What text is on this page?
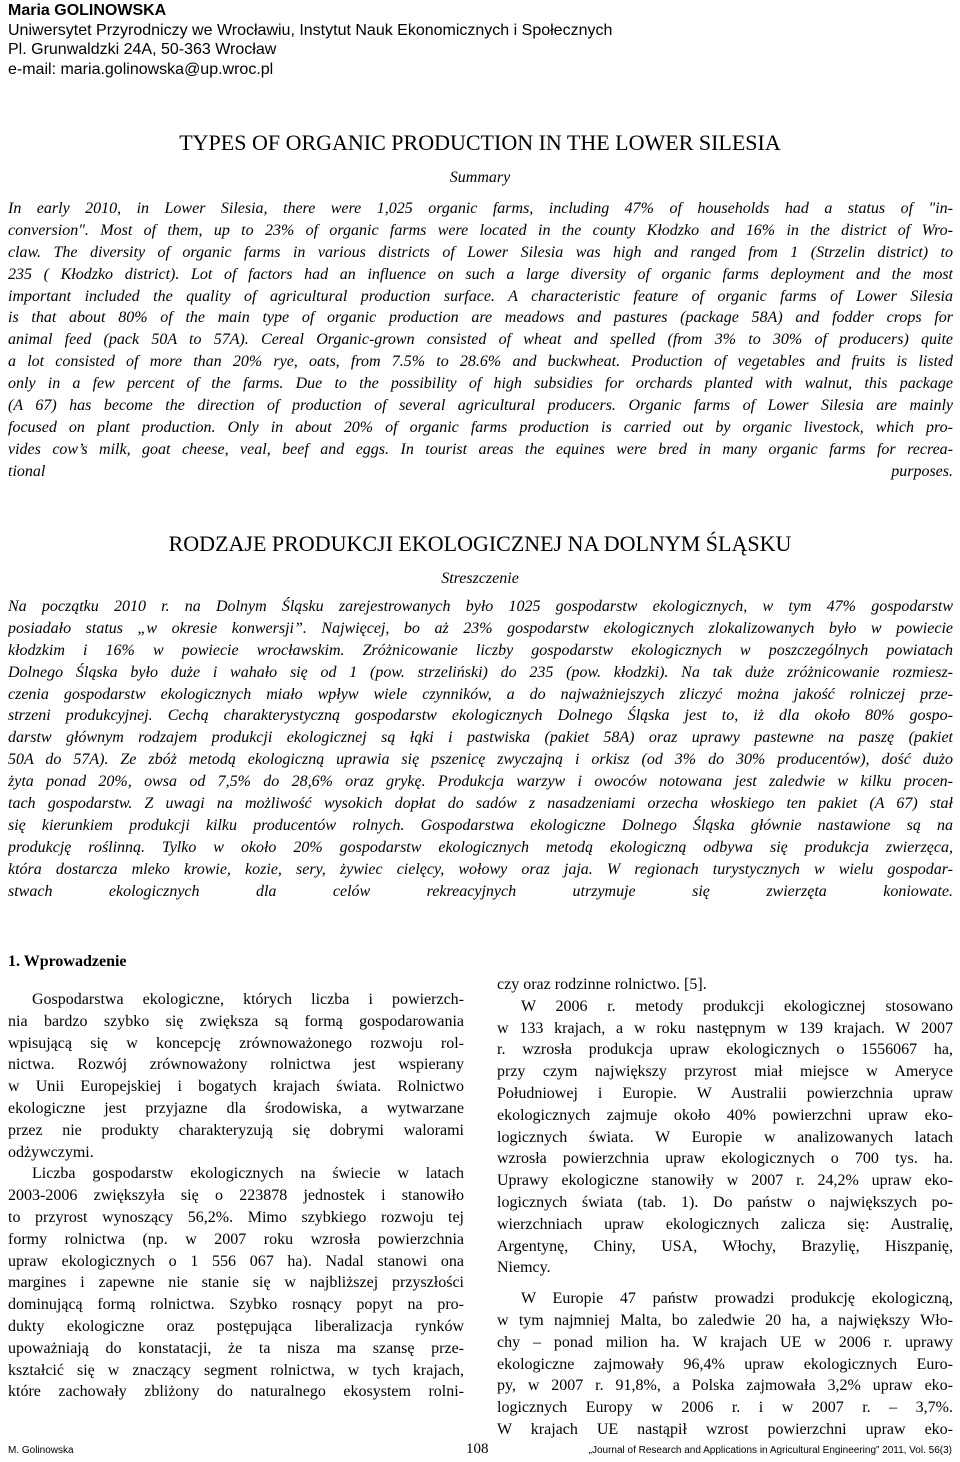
Maria GOLINOWSKA
Uniwersytet Przyrodniczy we Wrocławiu, Instytut Nauk Ekonomicznych i Społecznych
Pl. Grunwaldzki 24A, 50-363 Wrocław
e-mail: maria.golinowska@up.wroc.pl
TYPES OF ORGANIC PRODUCTION IN THE LOWER SILESIA
Summary
In early 2010, in Lower Silesia, there were 1,025 organic farms, including 47% of households had a status of "in-
conversion". Most of them, up to 23% of organic farms were located in the county Kłodzko and 16% in the district of Wro-
claw. The diversity of organic farms in various districts of Lower Silesia was high and ranged from 1 (Strzelin district) to
235 ( Kłodzko district). Lot of factors had an influence on such a large diversity of organic farms deployment and the most
important included the quality of agricultural production surface. A characteristic feature of organic farms of Lower Silesia
is that about 80% of the main type of organic production are meadows and pastures (package 58A) and fodder crops for
animal feed (pack 50A to 57A). Cereal Organic-grown consisted of wheat and spelled (from 3% to 30% of producers) quite
a lot consisted of more than 20% rye, oats, from 7.5% to 28.6% and buckwheat. Production of vegetables and fruits is listed
only in a few percent of the farms. Due to the possibility of high subsidies for orchards planted with walnut, this package
(A 67) has become the direction of production of several agricultural producers. Organic farms of Lower Silesia are mainly
focused on plant production. Only in about 20% of organic farms production is carried out by organic livestock, which pro-
vides cow’s milk, goat cheese, veal, beef and eggs. In tourist areas the equines were bred in many organic farms for recrea-
tional purposes.
RODZAJE PRODUKCJI EKOLOGICZNEJ NA DOLNYM ŚLĄSKU
Streszczenie
Na początku 2010 r. na Dolnym Śląsku zarejestrowanych było 1025 gospodarstw ekologicznych, w tym 47% gospodarstw
posiadało status „w okresie konwersji”. Najwięcej, bo aż 23% gospodarstw ekologicznych zlokalizowanych było w powiecie
kłodzkim i 16% w powiecie wrocławskim. Zróżnicowanie liczby gospodarstw ekologicznych w poszczególnych powiatach
Dolnego Śląska było duże i wahało się od 1 (pow. strzeliński) do 235 (pow. kłodzki). Na tak duże zróżnicowanie rozmiesz-
czenia gospodarstw ekologicznych miało wpływ wiele czynników, a do najważniejszych zliczyć można jakość rolniczej prze-
strzeni produkcyjnej. Cechą charakterystyczną gospodarstw ekologicznych Dolnego Śląska jest to, iż dla około 80% gospo-
darstw głównym rodzajem produkcji ekologicznej są łąki i pastwiska (pakiet 58A) oraz uprawy pastewne na paszę (pakiet
50A do 57A). Ze zbóż metodą ekologiczną uprawia się pszenicę zwyczajną i orkisz (od 3% do 30% producentów), dość dużo
żyta ponad 20%, owsa od 7,5% do 28,6% oraz grykę. Produkcja warzyw i owoców notowana jest zaledwie w kilku procen-
tach gospodarstw. Z uwagi na możliwość wysokich dopłat do sadów z nasadzeniami orzecha włoskiego ten pakiet (A 67) stał
się kierunkiem produkcji kilku producentów rolnych. Gospodarstwa ekologiczne Dolnego Śląska głównie nastawione są na
produkcję roślinną. Tylko w około 20% gospodarstw ekologicznych metodą ekologiczną odbywa się produkcja zwierzęca,
która dostarcza mleko krowie, kozie, sery, żywiec cielęcy, wołowy oraz jaja. W regionach turystycznych w wielu gospodar-
stwach ekologicznych dla celów rekreacyjnych utrzymuje się zwierzęta koniowate.
1. Wprowadzenie
Gospodarstwa ekologiczne, których liczba i powierzch-
nia bardzo szybko się zwiększa są formą gospodarowania
wpisującą się w koncepcję zrównoważonego rozwoju rol-
nictwa. Rozwój zrównoważony rolnictwa jest wspierany
w Unii Europejskiej i bogatych krajach świata. Rolnictwo
ekologiczne jest przyjazne dla środowiska, a wytwarzane
przez nie produkty charakteryzują się dobrymi walorami
odżywczymi.
Liczba gospodarstw ekologicznych na świecie w latach
2003-2006 zwiększyła się o 223878 jednostek i stanowiło
to przyrost wynoszący 56,2%. Mimo szybkiego rozwoju tej
formy rolnictwa (np. w 2007 roku wzrosła powierzchnia
upraw ekologicznych o 1 556 067 ha). Nadal stanowi ona
margines i zapewne nie stanie się w najbliższej przyszłości
dominującą formą rolnictwa. Szybko rosnący popyt na pro-
dukty ekologiczne oraz postępująca liberalizacja rynków
upoważniają do konstatacji, że ta nisza ma szansę prze-
kształcić się w znaczący segment rolnictwa, w tych krajach,
które zachowały zbliżony do naturalnego ekosystem rolni-
czy oraz rodzinne rolnictwo. [5].
W 2006 r. metody produkcji ekologicznej stosowano
w 133 krajach, a w roku następnym w 139 krajach. W 2007
r. wzrosła produkcja upraw ekologicznych o 1556067 ha,
przy czym największy przyrost miał miejsce w Ameryce
Południowej i Europie. W Australii powierzchnia upraw
ekologicznych zajmuje około 40% powierzchni upraw eko-
logicznych świata. W Europie w analizowanych latach
wzrosła powierzchnia upraw ekologicznych o 700 tys. ha.
Uprawy ekologiczne stanowiły w 2007 r. 24,2% upraw eko-
logicznych świata (tab. 1). Do państw o największych po-
wierzchniach upraw ekologicznych zalicza się: Australię,
Argentynę, Chiny, USA, Włochy, Brazylię, Hiszpanię,
Niemcy.
W Europie 47 państw prowadzi produkcję ekologiczną,
w tym najmniej Malta, bo zaledwie 20 ha, a największy Wło-
chy – ponad milion ha. W krajach UE w 2006 r. uprawy
ekologiczne zajmowały 96,4% upraw ekologicznych Euro-
py, w 2007 r. 91,8%, a Polska zajmowała 3,2% upraw eko-
logicznych Europy w 2006 r. i w 2007 r. – 3,7%.
W krajach UE nastąpił wzrost powierzchni upraw eko-
M. Golinowska	108	„Journal of Research and Applications in Agricultural Engineering” 2011, Vol. 56(3)
